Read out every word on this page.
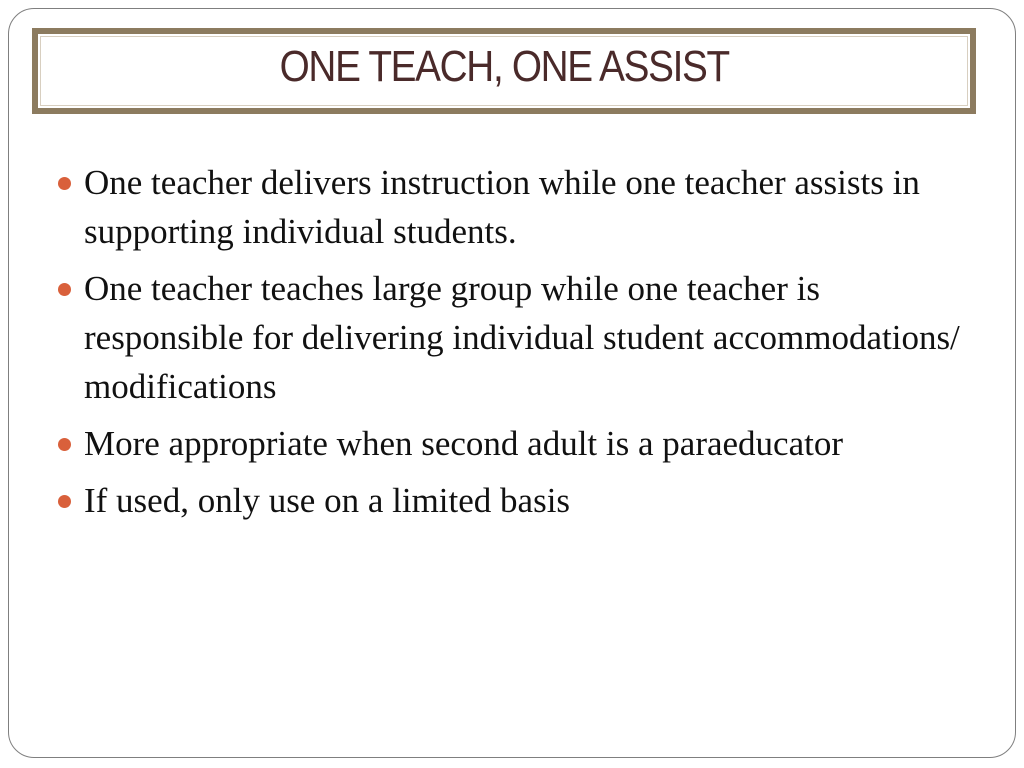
ONE TEACH, ONE ASSIST
One teacher delivers instruction while one teacher assists in supporting individual students.
One teacher teaches large group while one teacher is responsible for delivering individual student accommodations/ modifications
More appropriate when second adult is a paraeducator
If used, only use on a limited basis
